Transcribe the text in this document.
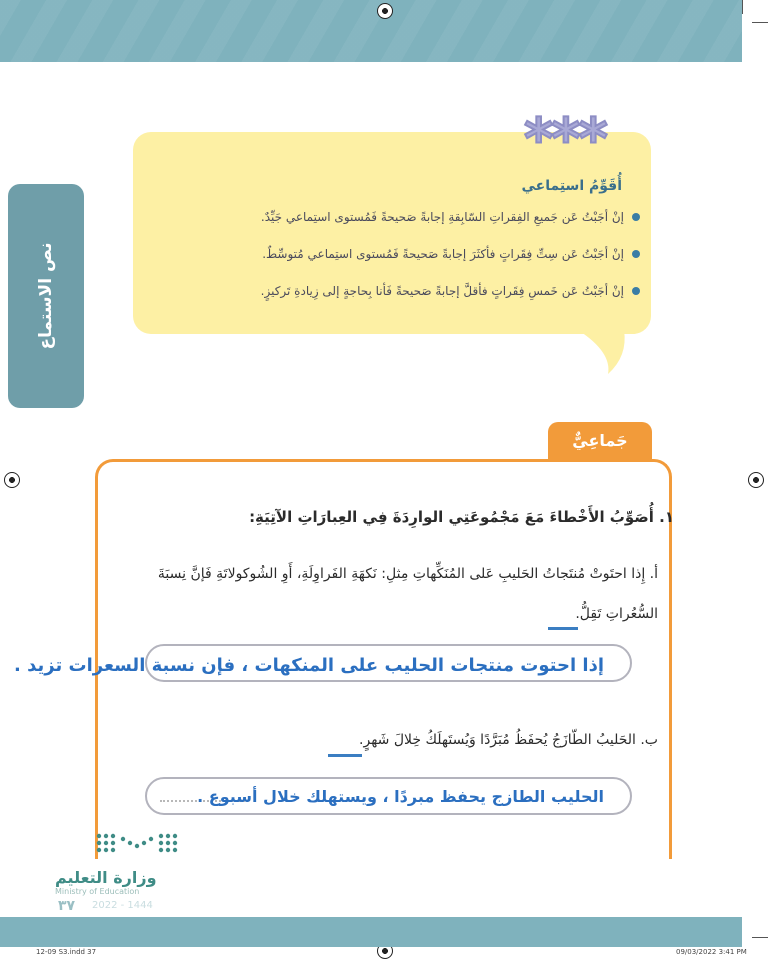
نص الاستماع
***
أُقَوِّمُ استِماعي
إنْ أجَبْتُ عَن جَميعِ الفِقراتِ السّابِقةِ إجابةً صَحيحةً فَمُستوى استِماعي جَيِّدٌ.
إنْ أجَبْتُ عَن سِتِّ فِقَراتٍ فأكثَرَ إجابةً صَحيحةً فَمُستوى استِماعي مُتوسِّطٌ.
إنْ أجَبْتُ عَن خَمسِ فِقَراتٍ فأقلَّ إجابةً صَحيحةً فَأنا بِحاجةٍ إلى زِيادةِ تَركيزٍ.
جَماعِيٌّ
١. أُصَوِّبُ الأَخْطاءَ مَعَ مَجْمُوعَتِي الوارِدَةَ فِي العِبارَاتِ الآتِيَةِ:
أ. إِذا احتَوتْ مُنتَجاتُ الحَليبِ عَلى المُنَكِّهاتِ مِثلِ: نَكهَةِ الفَراوِلَةِ، أَوِ الشُوكولاتَةِ فَإنَّ نِسبَةَ
السُّعُراتِ تَقِلُّ.
إذا احتوت منتجات الحليب على المنكهات ، فإن نسبة السعرات تزيد .
ب. الحَليبُ الطّازَجُ يُحفَظُ مُبَرَّدًا وَيُستَهلَكُ خِلالَ شَهرٍ.
الحليب الطازج يحفظ مبردًا ، ويستهلك خلال أسبوع .
وزارة التعليم
Ministry of Education
٣٧ 2022 - 1444
12-09 S3.indd 37	09/03/2022 3:41 PM
